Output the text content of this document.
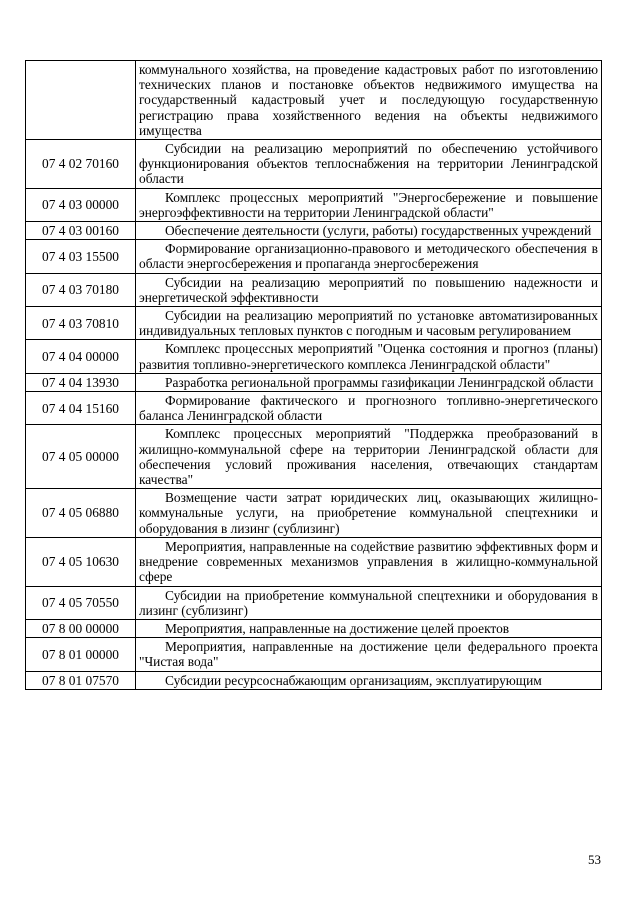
	коммунального хозяйства, на проведение кадастровых работ по изготовлению технических планов и постановке объектов недвижимого имущества на государственный кадастровый учет и последующую государственную регистрацию права хозяйственного ведения на объекты недвижимого имущества
07 4 02 70160	Субсидии на реализацию мероприятий по обеспечению устойчивого функционирования объектов теплоснабжения на территории Ленинградской области
07 4 03 00000	Комплекс процессных мероприятий "Энергосбережение и повышение энергоэффективности на территории Ленинградской области"
07 4 03 00160	Обеспечение деятельности (услуги, работы) государственных учреждений
07 4 03 15500	Формирование организационно-правового и методического обеспечения в области энергосбережения и пропаганда энергосбережения
07 4 03 70180	Субсидии на реализацию мероприятий по повышению надежности и энергетической эффективности
07 4 03 70810	Субсидии на реализацию мероприятий по установке автоматизированных индивидуальных тепловых пунктов с погодным и часовым регулированием
07 4 04 00000	Комплекс процессных мероприятий "Оценка состояния и прогноз (планы) развития топливно-энергетического комплекса Ленинградской области"
07 4 04 13930	Разработка региональной программы газификации Ленинградской области
07 4 04 15160	Формирование фактического и прогнозного топливно-энергетического баланса Ленинградской области
07 4 05 00000	Комплекс процессных мероприятий "Поддержка преобразований в жилищно-коммунальной сфере на территории Ленинградской области для обеспечения условий проживания населения, отвечающих стандартам качества"
07 4 05 06880	Возмещение части затрат юридических лиц, оказывающих жилищно-коммунальные услуги, на приобретение коммунальной спецтехники и оборудования в лизинг (сублизинг)
07 4 05 10630	Мероприятия, направленные на содействие развитию эффективных форм и внедрение современных механизмов управления в жилищно-коммунальной сфере
07 4 05 70550	Субсидии на приобретение коммунальной спецтехники и оборудования в лизинг (сублизинг)
07 8 00 00000	Мероприятия, направленные на достижение целей проектов
07 8 01 00000	Мероприятия, направленные на достижение цели федерального проекта "Чистая вода"
07 8 01 07570	Субсидии ресурсоснабжающим организациям, эксплуатирующим
53
